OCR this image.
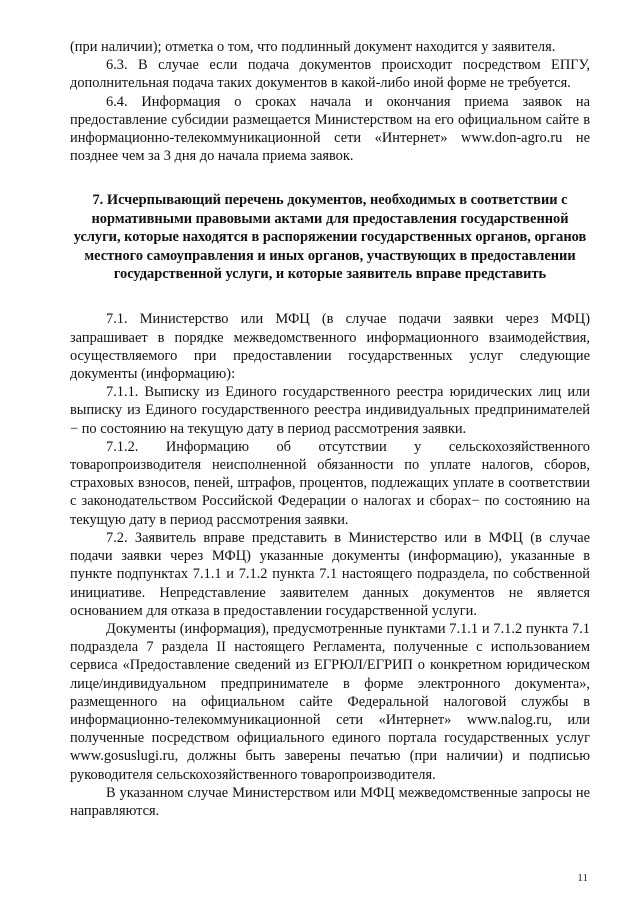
(при наличии); отметка о том, что подлинный документ находится у заявителя.

6.3. В случае если подача документов происходит посредством ЕПГУ, дополнительная подача таких документов в какой-либо иной форме не требуется.

6.4. Информация о сроках начала и окончания приема заявок на предоставление субсидии размещается Министерством на его официальном сайте в информационно-телекоммуникационной сети «Интернет» www.don-agro.ru не позднее чем за 3 дня до начала приема заявок.

7. Исчерпывающий перечень документов, необходимых в соответствии с нормативными правовыми актами для предоставления государственной услуги, которые находятся в распоряжении государственных органов, органов местного самоуправления и иных органов, участвующих в предоставлении государственной услуги, и которые заявитель вправе представить

7.1. Министерство или МФЦ (в случае подачи заявки через МФЦ) запрашивает в порядке межведомственного информационного взаимодействия, осуществляемого при предоставлении государственных услуг следующие документы (информацию):

7.1.1. Выписку из Единого государственного реестра юридических лиц или выписку из Единого государственного реестра индивидуальных предпринимателей − по состоянию на текущую дату в период рассмотрения заявки.

7.1.2. Информацию об отсутствии у сельскохозяйственного товаропроизводителя неисполненной обязанности по уплате налогов, сборов, страховых взносов, пеней, штрафов, процентов, подлежащих уплате в соответствии с законодательством Российской Федерации о налогах и сборах− по состоянию на текущую дату в период рассмотрения заявки.

7.2. Заявитель вправе представить в Министерство или в МФЦ (в случае подачи заявки через МФЦ) указанные документы (информацию), указанные в пункте подпунктах 7.1.1 и 7.1.2 пункта 7.1 настоящего подраздела, по собственной инициативе. Непредставление заявителем данных документов не является основанием для отказа в предоставлении государственной услуги.

Документы (информация), предусмотренные пунктами 7.1.1 и 7.1.2 пункта 7.1 подраздела 7 раздела II настоящего Регламента, полученные с использованием сервиса «Предоставление сведений из ЕГРЮЛ/ЕГРИП о конкретном юридическом лице/индивидуальном предпринимателе в форме электронного документа», размещенного на официальном сайте Федеральной налоговой службы в информационно-телекоммуникационной сети «Интернет» www.nalog.ru, или полученные посредством официального единого портала государственных услуг www.gosuslugi.ru, должны быть заверены печатью (при наличии) и подписью руководителя сельскохозяйственного товаропроизводителя.

В указанном случае Министерством или МФЦ межведомственные запросы не направляются.

11
